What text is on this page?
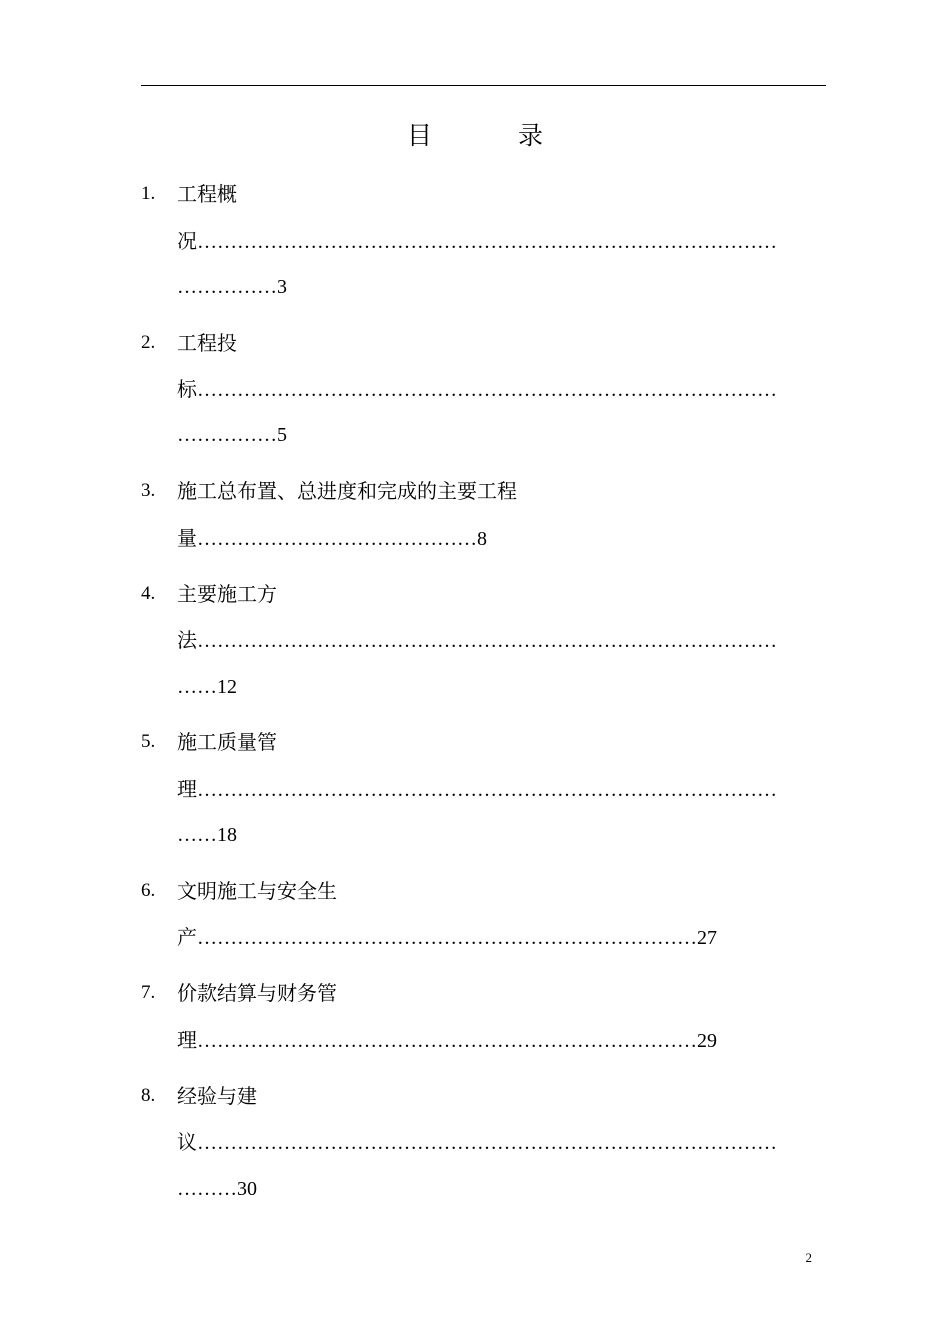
目	录
1. 工程概
况……………………………………………………………………………
……………3
2. 工程投
标……………………………………………………………………………
……………5
3. 施工总布置、总进度和完成的主要工程
量……………………………………8
4. 主要施工方
法……………………………………………………………………………
……12
5. 施工质量管
理……………………………………………………………………………
……18
6. 文明施工与安全生
产…………………………………………………………………27
7. 价款结算与财务管
理…………………………………………………………………29
8. 经验与建
议……………………………………………………………………………
………30
2
